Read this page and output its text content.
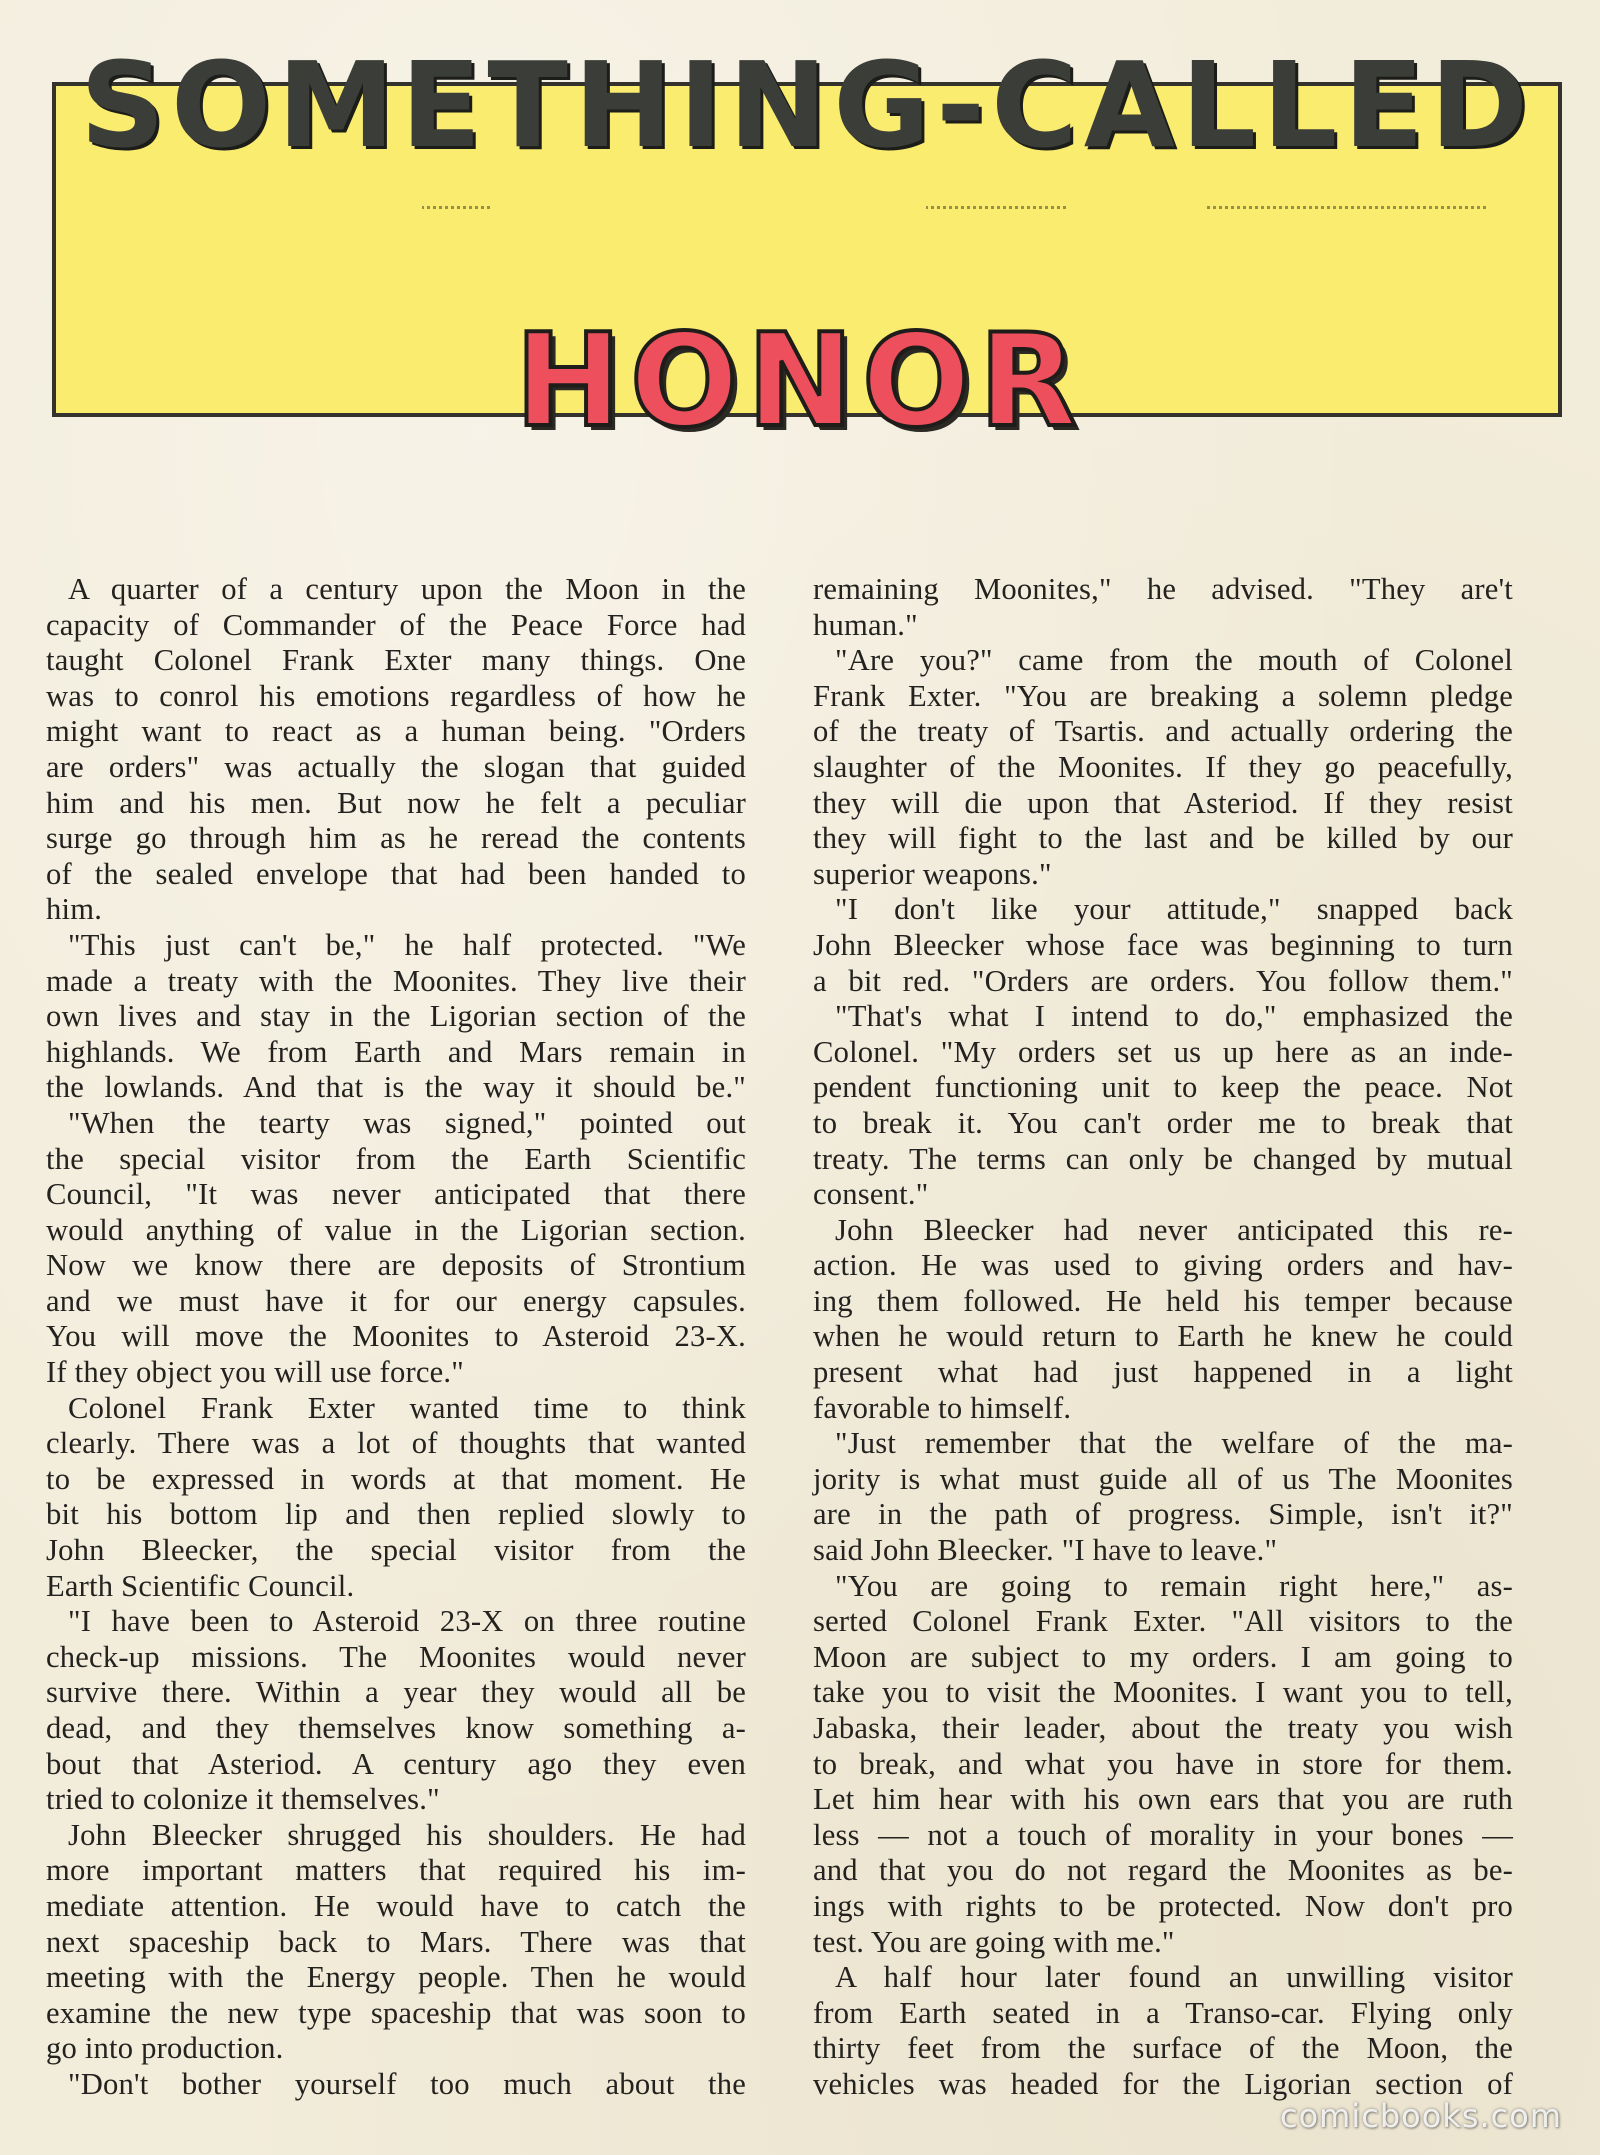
SOMETHING-CALLED
HONOR
A quarter of a century upon the Moon in the
capacity of Commander of the Peace Force had
taught Colonel Frank Exter many things. One
was to conrol his emotions regardless of how he
might want to react as a human being. "Orders
are orders" was actually the slogan that guided
him and his men. But now he felt a peculiar
surge go through him as he reread the contents
of the sealed envelope that had been handed to
him.
"This just can't be," he half protected. "We
made a treaty with the Moonites. They live their
own lives and stay in the Ligorian section of the
highlands. We from Earth and Mars remain in
the lowlands. And that is the way it should be."
"When the tearty was signed," pointed out
the special visitor from the Earth Scientific
Council, "It was never anticipated that there
would anything of value in the Ligorian section.
Now we know there are deposits of Strontium
and we must have it for our energy capsules.
You will move the Moonites to Asteroid 23-X.
If they object you will use force."
Colonel Frank Exter wanted time to think
clearly. There was a lot of thoughts that wanted
to be expressed in words at that moment. He
bit his bottom lip and then replied slowly to
John Bleecker, the special visitor from the
Earth Scientific Council.
"I have been to Asteroid 23-X on three routine
check-up missions. The Moonites would never
survive there. Within a year they would all be
dead, and they themselves know something a-
bout that Asteriod. A century ago they even
tried to colonize it themselves."
John Bleecker shrugged his shoulders. He had
more important matters that required his im-
mediate attention. He would have to catch the
next spaceship back to Mars. There was that
meeting with the Energy people. Then he would
examine the new type spaceship that was soon to
go into production.
"Don't bother yourself too much about the
remaining Moonites," he advised. "They are't
human."
"Are you?" came from the mouth of Colonel
Frank Exter. "You are breaking a solemn pledge
of the treaty of Tsartis. and actually ordering the
slaughter of the Moonites. If they go peacefully,
they will die upon that Asteriod. If they resist
they will fight to the last and be killed by our
superior weapons."
"I don't like your attitude," snapped back
John Bleecker whose face was beginning to turn
a bit red. "Orders are orders. You follow them."
"That's what I intend to do," emphasized the
Colonel. "My orders set us up here as an inde-
pendent functioning unit to keep the peace. Not
to break it. You can't order me to break that
treaty. The terms can only be changed by mutual
consent."
John Bleecker had never anticipated this re-
action. He was used to giving orders and hav-
ing them followed. He held his temper because
when he would return to Earth he knew he could
present what had just happened in a light
favorable to himself.
"Just remember that the welfare of the ma-
jority is what must guide all of us The Moonites
are in the path of progress. Simple, isn't it?"
said John Bleecker. "I have to leave."
"You are going to remain right here," as-
serted Colonel Frank Exter. "All visitors to the
Moon are subject to my orders. I am going to
take you to visit the Moonites. I want you to tell,
Jabaska, their leader, about the treaty you wish
to break, and what you have in store for them.
Let him hear with his own ears that you are ruth
less — not a touch of morality in your bones —
and that you do not regard the Moonites as be-
ings with rights to be protected. Now don't pro
test. You are going with me."
A half hour later found an unwilling visitor
from Earth seated in a Transo-car. Flying only
thirty feet from the surface of the Moon, the
vehicles was headed for the Ligorian section of
comicbooks.com
